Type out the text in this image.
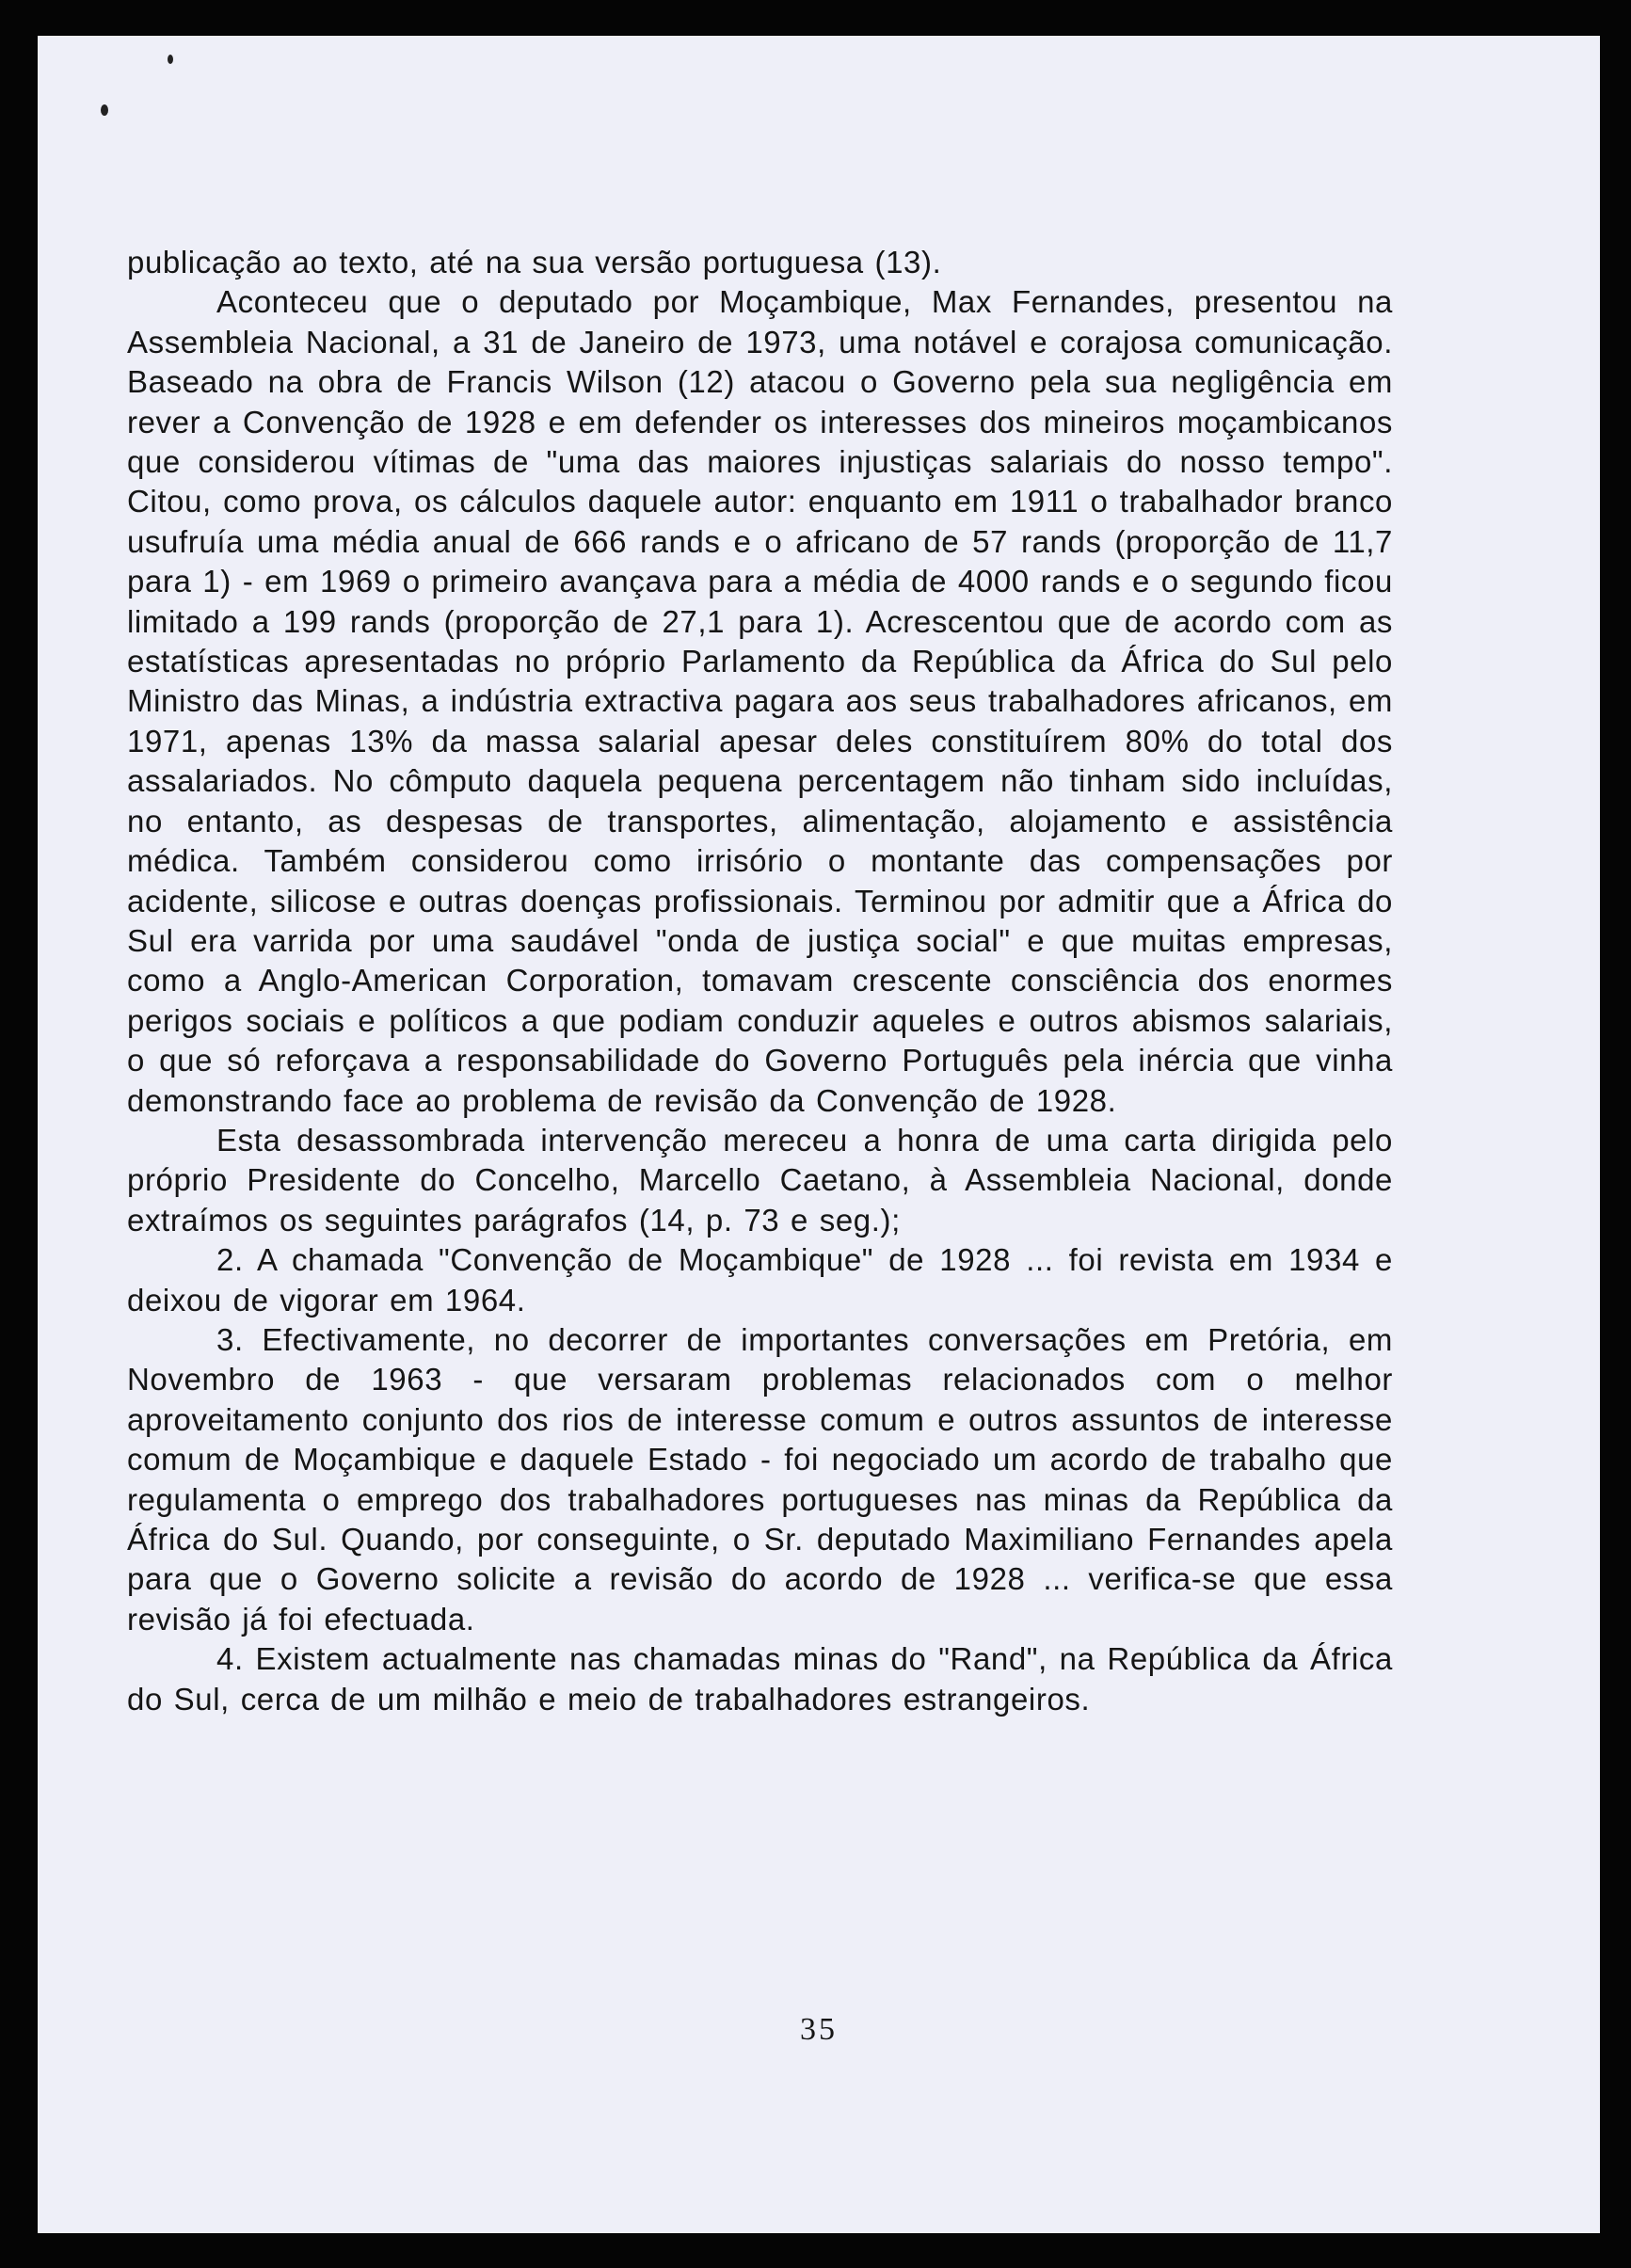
publicação ao texto, até na sua versão portuguesa (13).

Aconteceu que o deputado por Moçambique, Max Fernandes, presentou na Assembleia Nacional, a 31 de Janeiro de 1973, uma notável e corajosa comunicação. Baseado na obra de Francis Wilson (12) atacou o Governo pela sua negligência em rever a Convenção de 1928 e em defender os interesses dos mineiros moçambicanos que considerou vítimas de "uma das maiores injustiças salariais do nosso tempo". Citou, como prova, os cálculos daquele autor: enquanto em 1911 o trabalhador branco usufruía uma média anual de 666 rands e o africano de 57 rands (proporção de 11,7 para 1) - em 1969 o primeiro avançava para a média de 4000 rands e o segundo ficou limitado a 199 rands (proporção de 27,1 para 1). Acrescentou que de acordo com as estatísticas apresentadas no próprio Parlamento da República da África do Sul pelo Ministro das Minas, a indústria extractiva pagara aos seus trabalhadores africanos, em 1971, apenas 13% da massa salarial apesar deles constituírem 80% do total dos assalariados. No cômputo daquela pequena percentagem não tinham sido incluídas, no entanto, as despesas de transportes, alimentação, alojamento e assistência médica. Também considerou como irrisório o montante das compensações por acidente, silicose e outras doenças profissionais. Terminou por admitir que a África do Sul era varrida por uma saudável "onda de justiça social" e que muitas empresas, como a Anglo-American Corporation, tomavam crescente consciência dos enormes perigos sociais e políticos a que podiam conduzir aqueles e outros abismos salariais, o que só reforçava a responsabilidade do Governo Português pela inércia que vinha demonstrando face ao problema de revisão da Convenção de 1928.

Esta desassombrada intervenção mereceu a honra de uma carta dirigida pelo próprio Presidente do Concelho, Marcello Caetano, à Assembleia Nacional, donde extraímos os seguintes parágrafos (14, p. 73 e seg.);

2. A chamada "Convenção de Moçambique" de 1928 ... foi revista em 1934 e deixou de vigorar em 1964.

3. Efectivamente, no decorrer de importantes conversações em Pretória, em Novembro de 1963 - que versaram problemas relacionados com o melhor aproveitamento conjunto dos rios de interesse comum e outros assuntos de interesse comum de Moçambique e daquele Estado - foi negociado um acordo de trabalho que regulamenta o emprego dos trabalhadores portugueses nas minas da República da África do Sul. Quando, por conseguinte, o Sr. deputado Maximiliano Fernandes apela para que o Governo solicite a revisão do acordo de 1928 ... verifica-se que essa revisão já foi efectuada.

4. Existem actualmente nas chamadas minas do "Rand", na República da África do Sul, cerca de um milhão e meio de trabalhadores estrangeiros.

35
